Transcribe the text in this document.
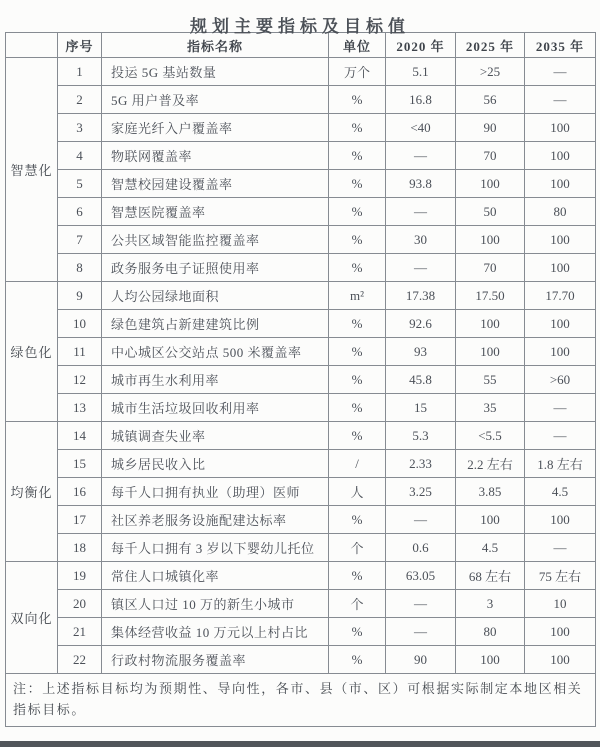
规划主要指标及目标值
	序号	指标名称	单位	2020 年	2025 年	2035 年
智慧化	1	投运 5G 基站数量	万个	5.1	>25	—
	2	5G 用户普及率	%	16.8	56	—
	3	家庭光纤入户覆盖率	%	<40	90	100
	4	物联网覆盖率	%	—	70	100
	5	智慧校园建设覆盖率	%	93.8	100	100
	6	智慧医院覆盖率	%	—	50	80
	7	公共区域智能监控覆盖率	%	30	100	100
	8	政务服务电子证照使用率	%	—	70	100
绿色化	9	人均公园绿地面积	m²	17.38	17.50	17.70
	10	绿色建筑占新建建筑比例	%	92.6	100	100
	11	中心城区公交站点 500 米覆盖率	%	93	100	100
	12	城市再生水利用率	%	45.8	55	>60
	13	城市生活垃圾回收利用率	%	15	35	—
均衡化	14	城镇调查失业率	%	5.3	<5.5	—
	15	城乡居民收入比	/	2.33	2.2 左右	1.8 左右
	16	每千人口拥有执业（助理）医师	人	3.25	3.85	4.5
	17	社区养老服务设施配建达标率	%	—	100	100
	18	每千人口拥有 3 岁以下婴幼儿托位	个	0.6	4.5	—
双向化	19	常住人口城镇化率	%	63.05	68 左右	75 左右
	20	镇区人口过 10 万的新生小城市	个	—	3	10
	21	集体经营收益 10 万元以上村占比	%	—	80	100
	22	行政村物流服务覆盖率	%	90	100	100
注：上述指标目标均为预期性、导向性，各市、县（市、区）可根据实际制定本地区相关指标目标。						
